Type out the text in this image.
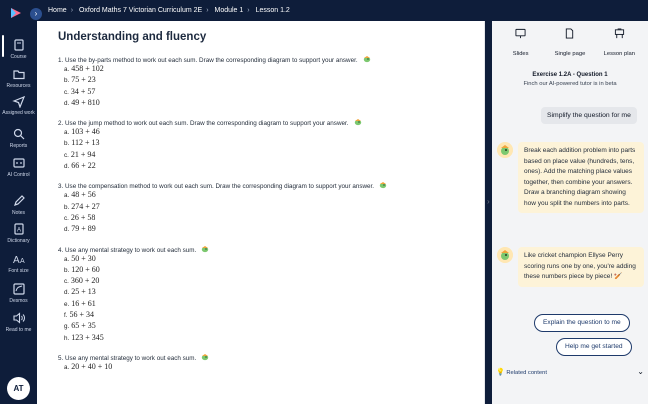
Course
Resources
Assigned work
Reports
AI Control
Notes
A
Dictionary
A A
Font size
Desmos
Read to me
AT
›	Home › Oxford Maths 7 Victorian Curriculum 2E › Module 1 › Lesson 1.2
Understanding and fluency
1. Use the by-parts method to work out each sum. Draw the corresponding diagram to support your answer.
a. 458 + 102
b. 75 + 23
c. 34 + 57
d. 49 + 810
2. Use the jump method to work out each sum. Draw the corresponding diagram to support your answer.
a. 103 + 46
b. 112 + 13
c. 21 + 94
d. 66 + 22
3. Use the compensation method to work out each sum. Draw the corresponding diagram to support your answer.
a. 48 + 56
b. 274 + 27
c. 26 + 58
d. 79 + 89
4. Use any mental strategy to work out each sum.
a. 50 + 30
b. 120 + 60
c. 360 + 20
d. 25 + 13
e. 16 + 61
f. 56 + 34
g. 65 + 35
h. 123 + 345
5. Use any mental strategy to work out each sum.
a. 20 + 40 + 10
›
Slides	Single page	Lesson plan
Exercise 1.2A - Question 1
Finch our AI-powered tutor is in beta
Simplify the question for me
Break each addition problem into parts based on place value (hundreds, tens, ones). Add the matching place values together, then combine your answers. Draw a branching diagram showing how you split the numbers into parts.
Like cricket champion Ellyse Perry scoring runs one by one, you're adding these numbers piece by piece! 🏏
Explain the question to me
Help me get started
💡 Related content	⌄
